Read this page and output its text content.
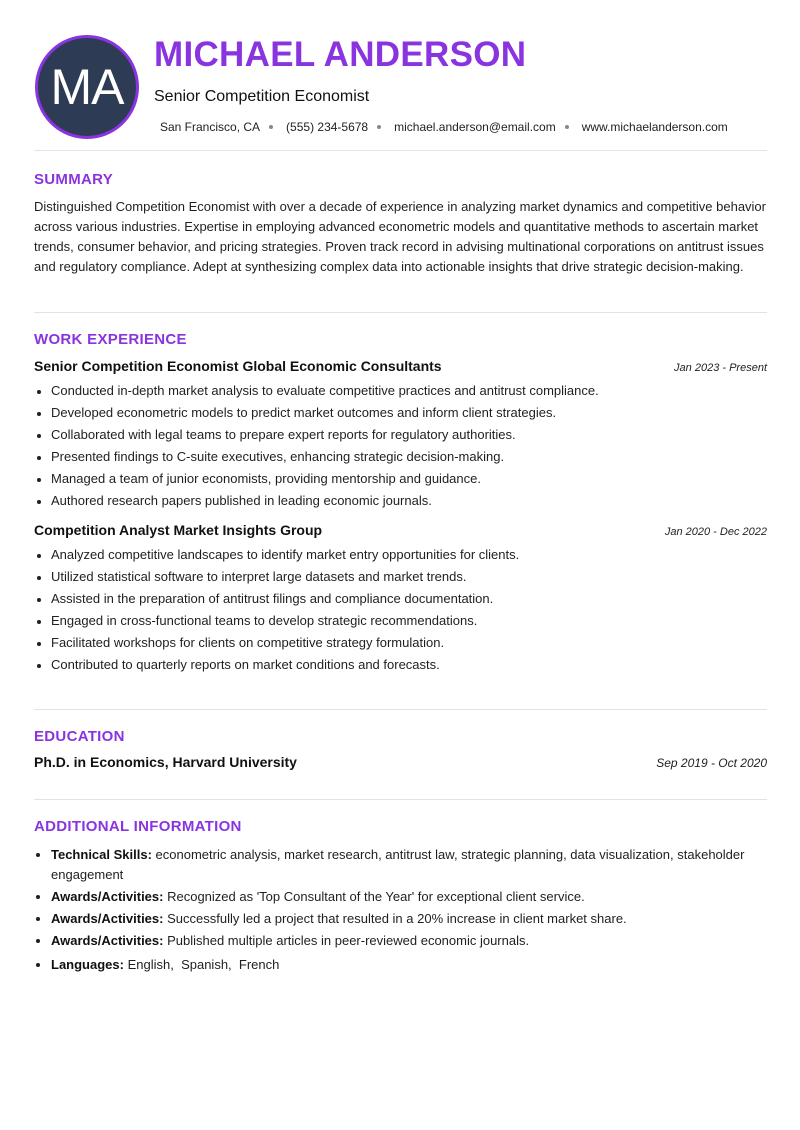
MA
MICHAEL ANDERSON

Senior Competition Economist

San Francisco, CA (555) 234-5678 michael.anderson@email.com www.michaelanderson.com
SUMMARY

Distinguished Competition Economist with over a decade of experience in analyzing market dynamics and competitive behavior across various industries. Expertise in employing advanced econometric models and quantitative methods to ascertain market trends, consumer behavior, and pricing strategies. Proven track record in advising multinational corporations on antitrust issues and regulatory compliance. Adept at synthesizing complex data into actionable insights that drive strategic decision-making.

WORK EXPERIENCE
Senior Competition Economist Global Economic Consultants	Jan 2023 - Present
• Conducted in-depth market analysis to evaluate competitive practices and antitrust compliance.
• Developed econometric models to predict market outcomes and inform client strategies.
• Collaborated with legal teams to prepare expert reports for regulatory authorities.
• Presented findings to C-suite executives, enhancing strategic decision-making.
• Managed a team of junior economists, providing mentorship and guidance.
• Authored research papers published in leading economic journals.
Competition Analyst Market Insights Group	Jan 2020 - Dec 2022
• Analyzed competitive landscapes to identify market entry opportunities for clients.
• Utilized statistical software to interpret large datasets and market trends.
• Assisted in the preparation of antitrust filings and compliance documentation.
• Engaged in cross-functional teams to develop strategic recommendations.
• Facilitated workshops for clients on competitive strategy formulation.
• Contributed to quarterly reports on market conditions and forecasts.
EDUCATION
Ph.D. in Economics, Harvard University	Sep 2019 - Oct 2020
ADDITIONAL INFORMATION
• Technical Skills: econometric analysis, market research, antitrust law, strategic planning, data visualization, stakeholder engagement
• Awards/Activities: Recognized as 'Top Consultant of the Year' for exceptional client service.
• Awards/Activities: Successfully led a project that resulted in a 20% increase in client market share.
• Awards/Activities: Published multiple articles in peer-reviewed economic journals.
• Languages: English,  Spanish,  French
